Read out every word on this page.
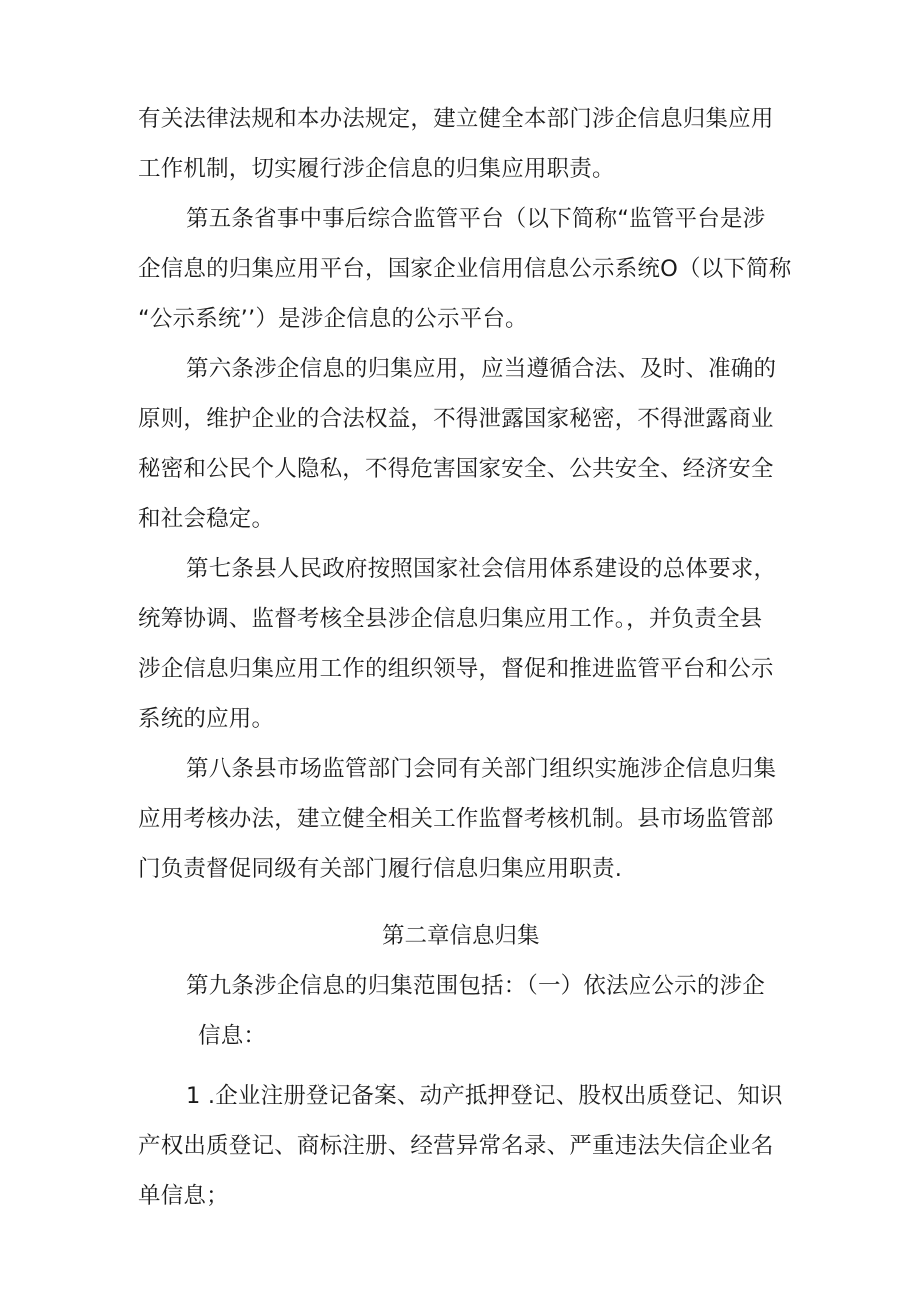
有关法律法规和本办法规定，建立健全本部门涉企信息归集应用
工作机制，切实履行涉企信息的归集应用职责。
第五条省事中事后综合监管平台（以下简称“监管平台是涉
企信息的归集应用平台，国家企业信用信息公示系统O（以下简称
“公示系统’’）是涉企信息的公示平台。
第六条涉企信息的归集应用，应当遵循合法、及时、准确的
原则，维护企业的合法权益，不得泄露国家秘密，不得泄露商业
秘密和公民个人隐私，不得危害国家安全、公共安全、经济安全
和社会稳定。
第七条县人民政府按照国家社会信用体系建设的总体要求，
统筹协调、监督考核全县涉企信息归集应用工作。，并负责全县
涉企信息归集应用工作的组织领导，督促和推进监管平台和公示
系统的应用。
第八条县市场监管部门会同有关部门组织实施涉企信息归集
应用考核办法，建立健全相关工作监督考核机制。县市场监管部
门负责督促同级有关部门履行信息归集应用职责.
第二章信息归集
第九条涉企信息的归集范围包括：（一）依法应公示的涉企
信息：
1 .企业注册登记备案、动产抵押登记、股权出质登记、知识
产权出质登记、商标注册、经营异常名录、严重违法失信企业名
单信息；
